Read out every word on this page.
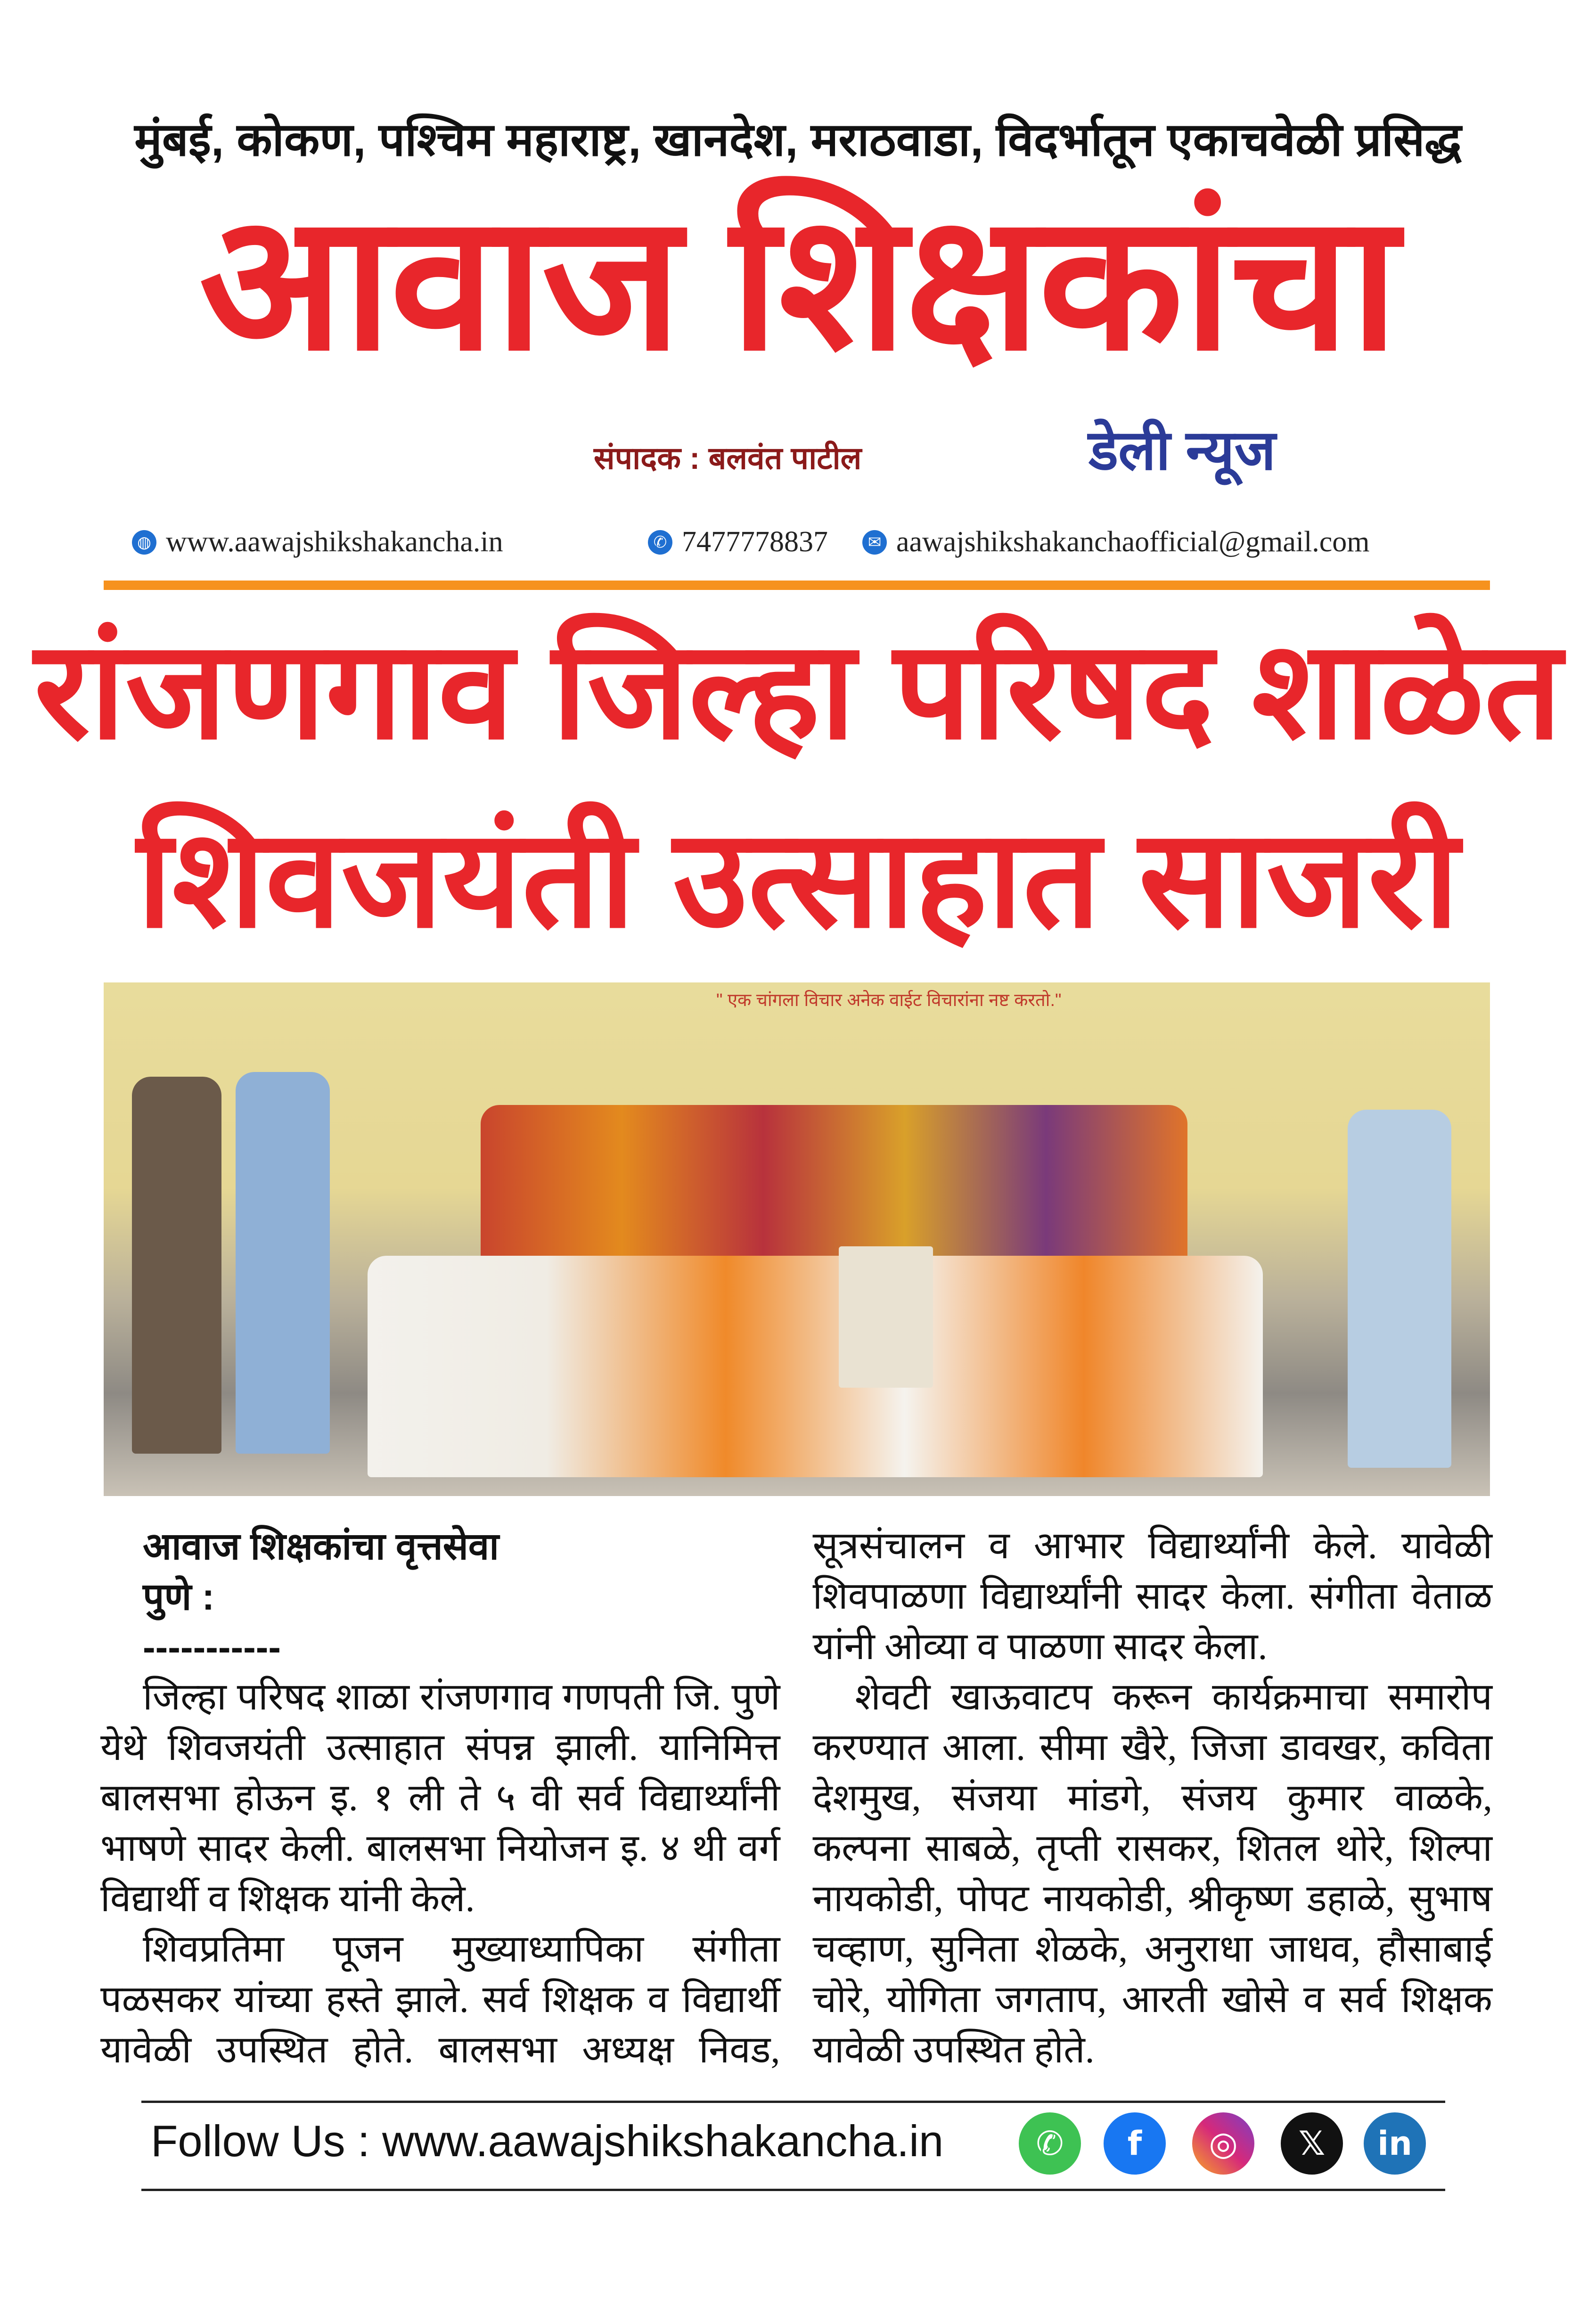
मुंबई, कोकण, पश्चिम महाराष्ट्र, खानदेश, मराठवाडा, विदर्भातून एकाचवेळी प्रसिद्ध
आवाज शिक्षकांचा
संपादक : बलवंत पाटील	डेली न्यूज
◍ www.aawajshikshakancha.in	✆ 7477778837	✉ aawajshikshakanchaofficial@gmail.com
रांजणगाव जिल्हा परिषद शाळेत
शिवजयंती उत्साहात साजरी
" एक चांगला विचार अनेक वाईट विचारांना नष्ट करतो."
आवाज शिक्षकांचा वृत्तसेवा
पुणे :
-----------

जिल्हा परिषद शाळा रांजणगाव गणपती जि. पुणे येथे शिवजयंती उत्साहात संपन्न झाली. यानिमित्त बालसभा होऊन इ. १ ली ते ५ वी सर्व विद्यार्थ्यांनी भाषणे सादर केली. बालसभा नियोजन इ. ४ थी वर्ग विद्यार्थी व शिक्षक यांनी केले.

शिवप्रतिमा पूजन मुख्याध्यापिका संगीता पळसकर यांच्या हस्ते झाले. सर्व शिक्षक व विद्यार्थी यावेळी उपस्थित होते. बालसभा अध्यक्ष निवड, सूत्रसंचालन व आभार विद्यार्थ्यांनी केले. यावेळी शिवपाळणा विद्यार्थ्यांनी सादर केला. संगीता वेताळ यांनी ओव्या व पाळणा सादर केला.

शेवटी खाऊवाटप करून कार्यक्रमाचा समारोप करण्यात आला. सीमा खैरे, जिजा डावखर, कविता देशमुख, संजया मांडगे, संजय कुमार वाळके, कल्पना साबळे, तृप्ती रासकर, शितल थोरे, शिल्पा नायकोडी, पोपट नायकोडी, श्रीकृष्ण डहाळे, सुभाष चव्हाण, सुनिता शेळके, अनुराधा जाधव, हौसाबाई चोरे, योगिता जगताप, आरती खोसे व सर्व शिक्षक यावेळी उपस्थित होते.

Follow Us : www.aawajshikshakancha.in	✆	f	◎	𝕏	in
